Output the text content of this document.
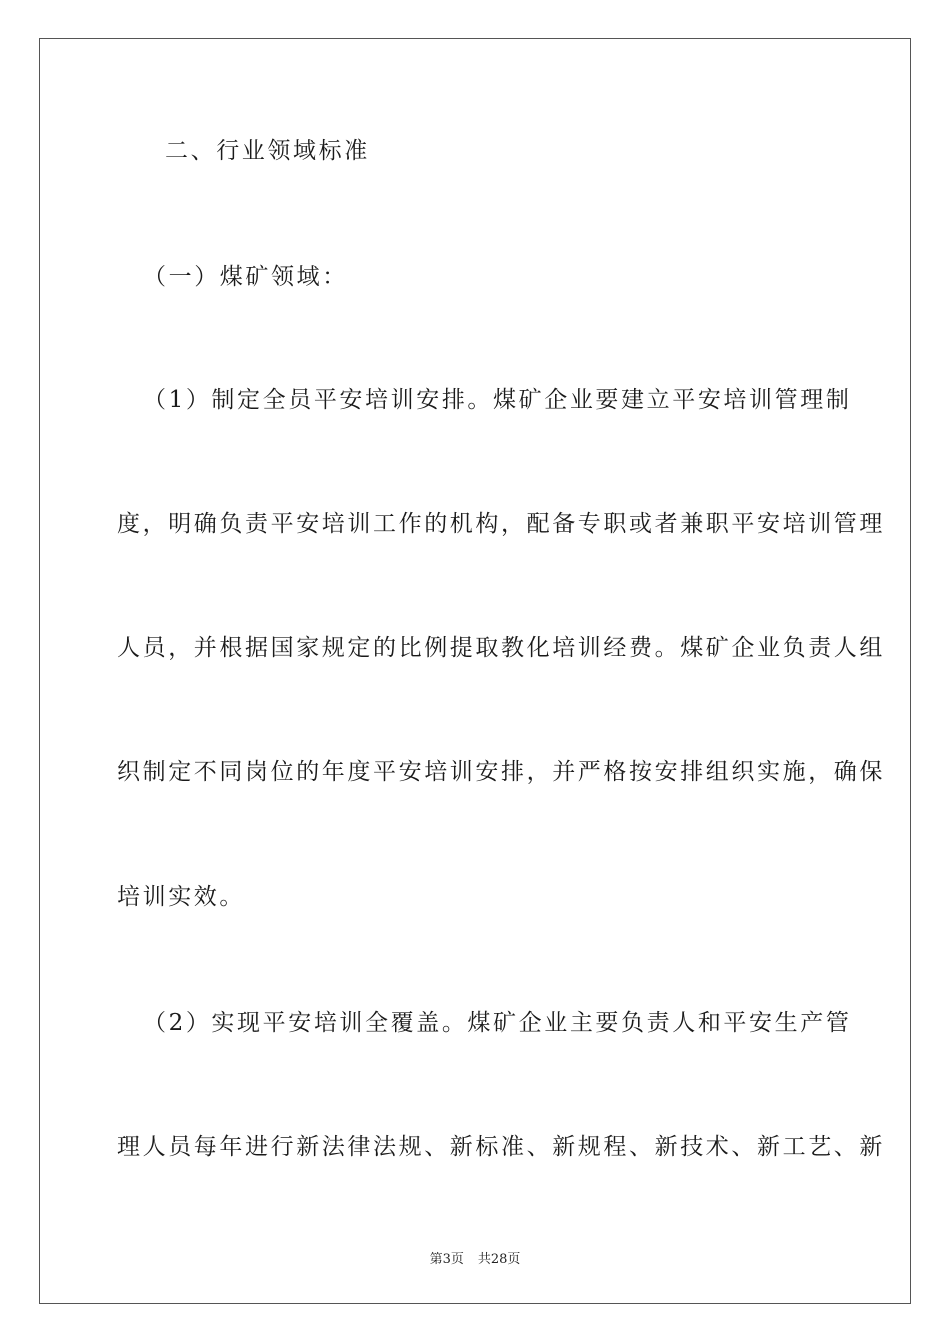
二、行业领域标准
（一）煤矿领域：
（1）制定全员平安培训安排。煤矿企业要建立平安培训管理制
度，明确负责平安培训工作的机构，配备专职或者兼职平安培训管理
人员，并根据国家规定的比例提取教化培训经费。煤矿企业负责人组
织制定不同岗位的年度平安培训安排，并严格按安排组织实施，确保
培训实效。
（2）实现平安培训全覆盖。煤矿企业主要负责人和平安生产管
理人员每年进行新法律法规、新标准、新规程、新技术、新工艺、新
第3页 共28页
